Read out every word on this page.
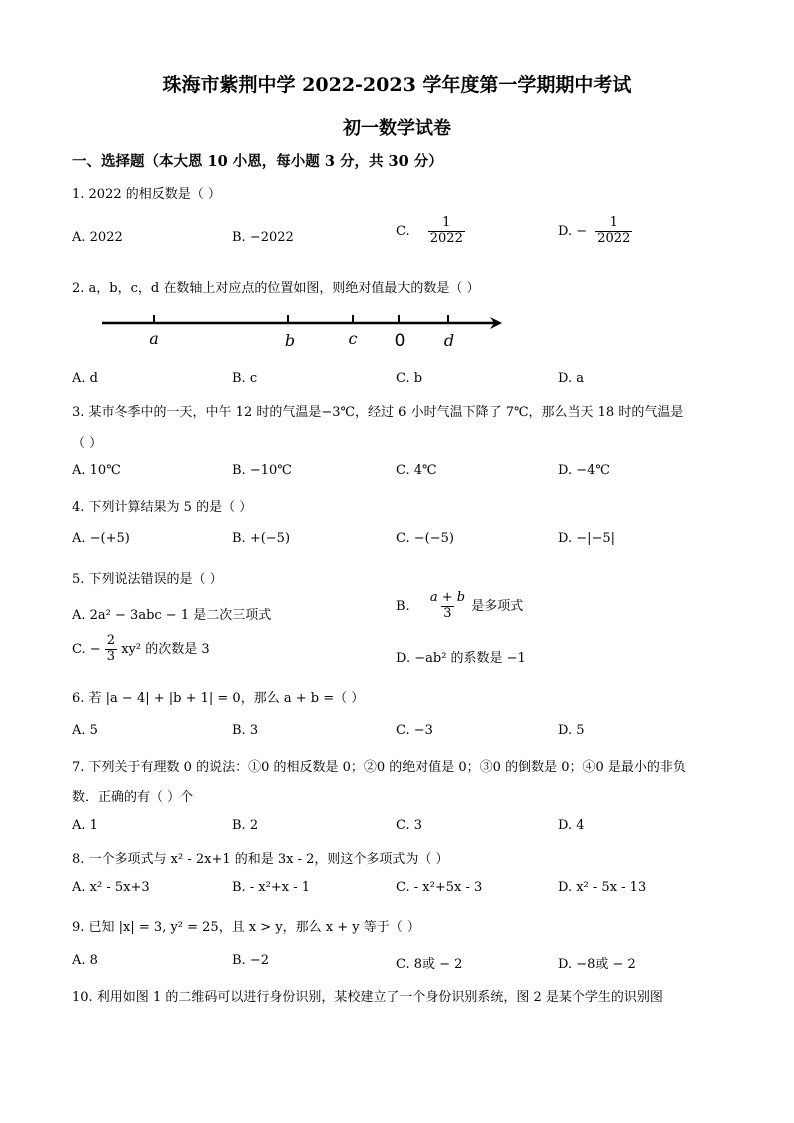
珠海市紫荆中学 2022-2023 学年度第一学期期中考试
初一数学试卷
一、选择题（本大恩 10 小恩，每小题 3 分，共 30 分）
1. 2022 的相反数是（ ）
A. 2022	B. −2022	C. $\frac{1}{2022}$	D. − $\frac{1}{2022}$
2. a，b，c，d 在数轴上对应点的位置如图，则绝对值最大的数是（ ）
a	b	c 0 d
A. d	B. c	C. b	D. a
3. 某市冬季中的一天，中午 12 时的气温是−3℃，经过 6 小时气温下降了 7℃，那么当天 18 时的气温是
（ ）
A. 10℃	B. −10℃	C. 4℃	D. −4℃
4. 下列计算结果为 5 的是（ ）
A. −(+5)	B. +(−5)	C. −(−5)	D. −|−5|
5. 下列说法错误的是（ ）
A. 2a² − 3abc − 1 是二次三项式
B. $\frac{a + b}{3}$ 是多项式
C. − $\frac{2}{3} xy^2$ 的次数是 3
D. −ab² 的系数是 −1
6. 若 |a − 4| + |b + 1| = 0，那么 a + b =（ ）
A. 5	B. 3	C. −3	D. 5
7. 下列关于有理数 0 的说法：①0 的相反数是 0；②0 的绝对值是 0；③0 的倒数是 0；④0 是最小的非负
数．正确的有（ ）个
A. 1	B. 2	C. 3	D. 4
8. 一个多项式与 x² - 2x+1 的和是 3x - 2，则这个多项式为（ ）
A. x² - 5x+3	B. - x²+x - 1	C. - x²+5x - 3	D. x² - 5x - 13
9. 已知 |x| = 3, y² = 25，且 x > y，那么 x + y 等于（ ）
A. 8	B. −2	C. 8或 − 2	D. −8或 − 2
10. 利用如图 1 的二维码可以进行身份识别，某校建立了一个身份识别系统，图 2 是某个学生的识别图
